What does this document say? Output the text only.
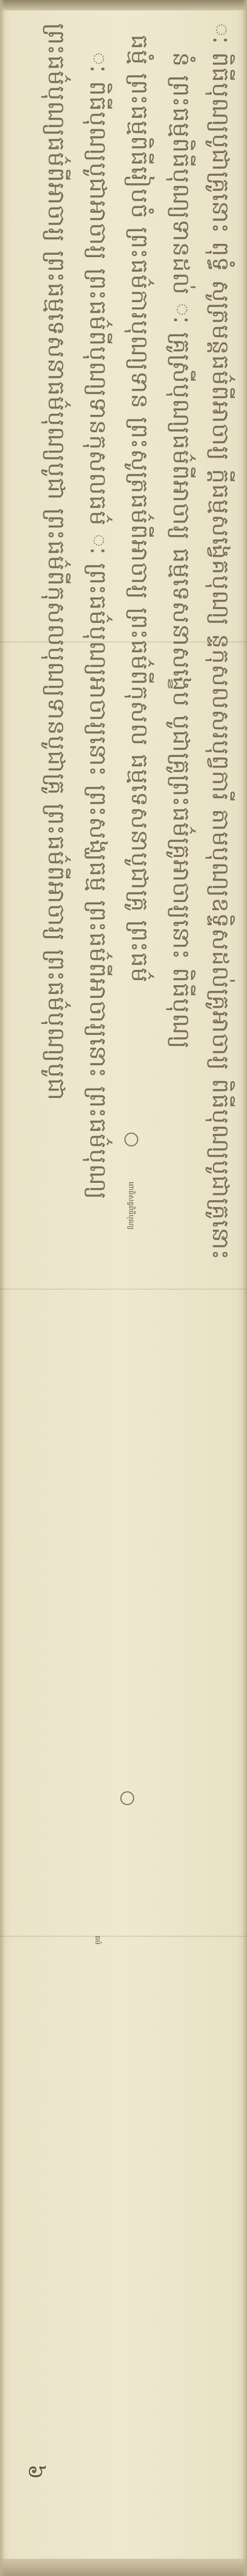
ៈ ពិធីបុណ្យបូជាគ្រូនោះ ពុទ្ធំ សូត្រមន្តធម៌ពីអាចារ្យ ក្តីធម្មសង្វេគបុណ្យ ន្ទកុសលសរបុព្វការី តាមបុណ្យឧទ្ទិសដល់គ្រូអាចារ្យ ពិធីបុណ្យបូជាគ្រូនោះ
នំ ព្រះធម្មពិធីបុណ្យទានដល់ ៈ គ្រូស្រីបុណ្យធម៌ពីអាចារ្យ ធម្មទេសនាសង្ខេប បូជាគ្រូព្រះធម៌គ្រូអាចារ្យនោះ ពិធីបុណ្យ
ធម្មំ ព្រះធម្មពិធីរៀបចំ ព្រះធម៌ការបុណ្យទាន ព្រះសូត្រធម៌ពីអាចារ្យ ព្រះធម៌ពីកុសល ធម្មទេសនាបូជាគ្រូ ព្រះធម៌
ៈ ពិធីបុណ្យបូជាអាចារ្យ ព្រះធម៌ពីបុណ្យទានកុសលធម៌ ៈ ព្រះធម៌បុណ្យអាចារ្យនោះ ព្រះសង្ឃធម្ម ព្រះធម៌ពីអាចារ្យនោះ ព្រះធម៌បុណ្យ
ព្រះធម៌បុណ្យធម៌ពីអាចារ្យ ព្រះធម្មទេសនាធម៌បុណ្យបូជា ព្រះធម៌ពីកុសលបុណ្យទានបូជាគ្រូ ព្រះធម៌ពីអាចារ្យ ព្រះធម៌បុណ្យបូជា
ពោធិសត្វពិធីបុណ្យ
ធម៌
៦
